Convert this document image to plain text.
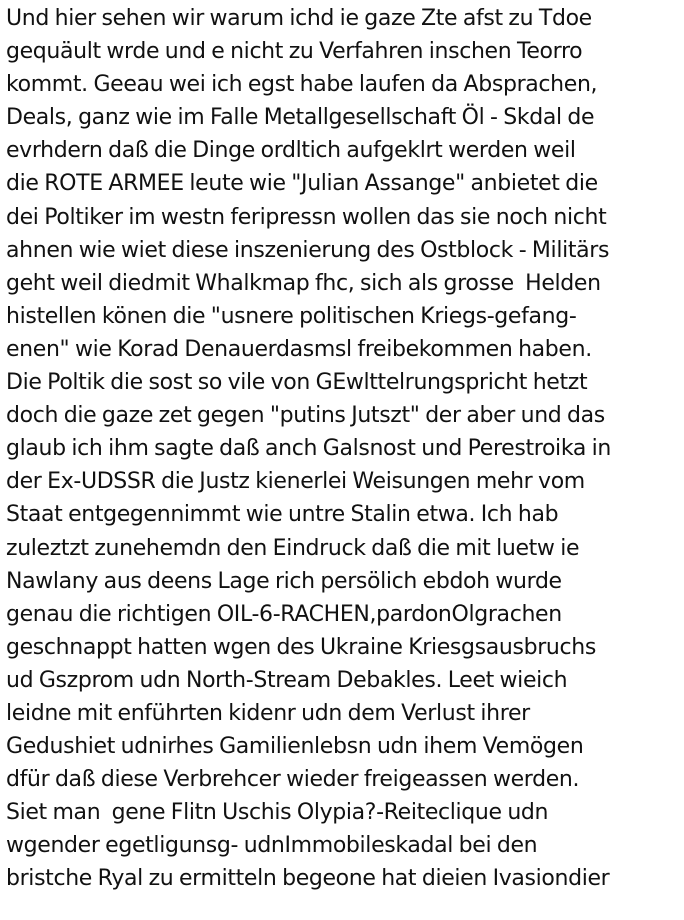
Und hier sehen wir warum ichd ie gaze Zte afst zu Tdoe
gequäult wrde und e nicht zu Verfahren inschen Teorro
kommt. Geeau wei ich egst habe laufen da Absprachen,
Deals, ganz wie im Falle Metallgesellschaft Öl - Skdal de
evrhdern daß die Dinge ordltich aufgeklrt werden weil
die ROTE ARMEE leute wie "Julian Assange" anbietet die
dei Poltiker im westn feripressn wollen das sie noch nicht
ahnen wie wiet diese inszenierung des Ostblock - Militärs
geht weil diedmit Whalkmap fhc, sich als grosse  Helden
histellen könen die "usnere politischen Kriegs-gefang-
enen" wie Korad Denauerdasmsl freibekommen haben.
Die Poltik die sost so vile von GEwlttelrungspricht hetzt
doch die gaze zet gegen "putins Jutszt" der aber und das
glaub ich ihm sagte daß anch Galsnost und Perestroika in
der Ex-UDSSR die Justz kienerlei Weisungen mehr vom
Staat entgegennimmt wie untre Stalin etwa. Ich hab
zuleztzt zunehemdn den Eindruck daß die mit luetw ie
Nawlany aus deens Lage rich persölich ebdoh wurde
genau die richtigen OIL-6-RACHEN,pardonOlgrachen
geschnappt hatten wgen des Ukraine Kriesgsausbruchs
ud Gszprom udn North-Stream Debakles. Leet wieich
leidne mit enführten kidenr udn dem Verlust ihrer
Gedushiet udnirhes Gamilienlebsn udn ihem Vemögen
dfür daß diese Verbrehcer wieder freigeassen werden.
Siet man  gene Flitn Uschis Olypia?-Reiteclique udn
wgender egetligunsg- udnImmobileskadal bei den
bristche Ryal zu ermitteln begeone hat dieien Ivasiondier
